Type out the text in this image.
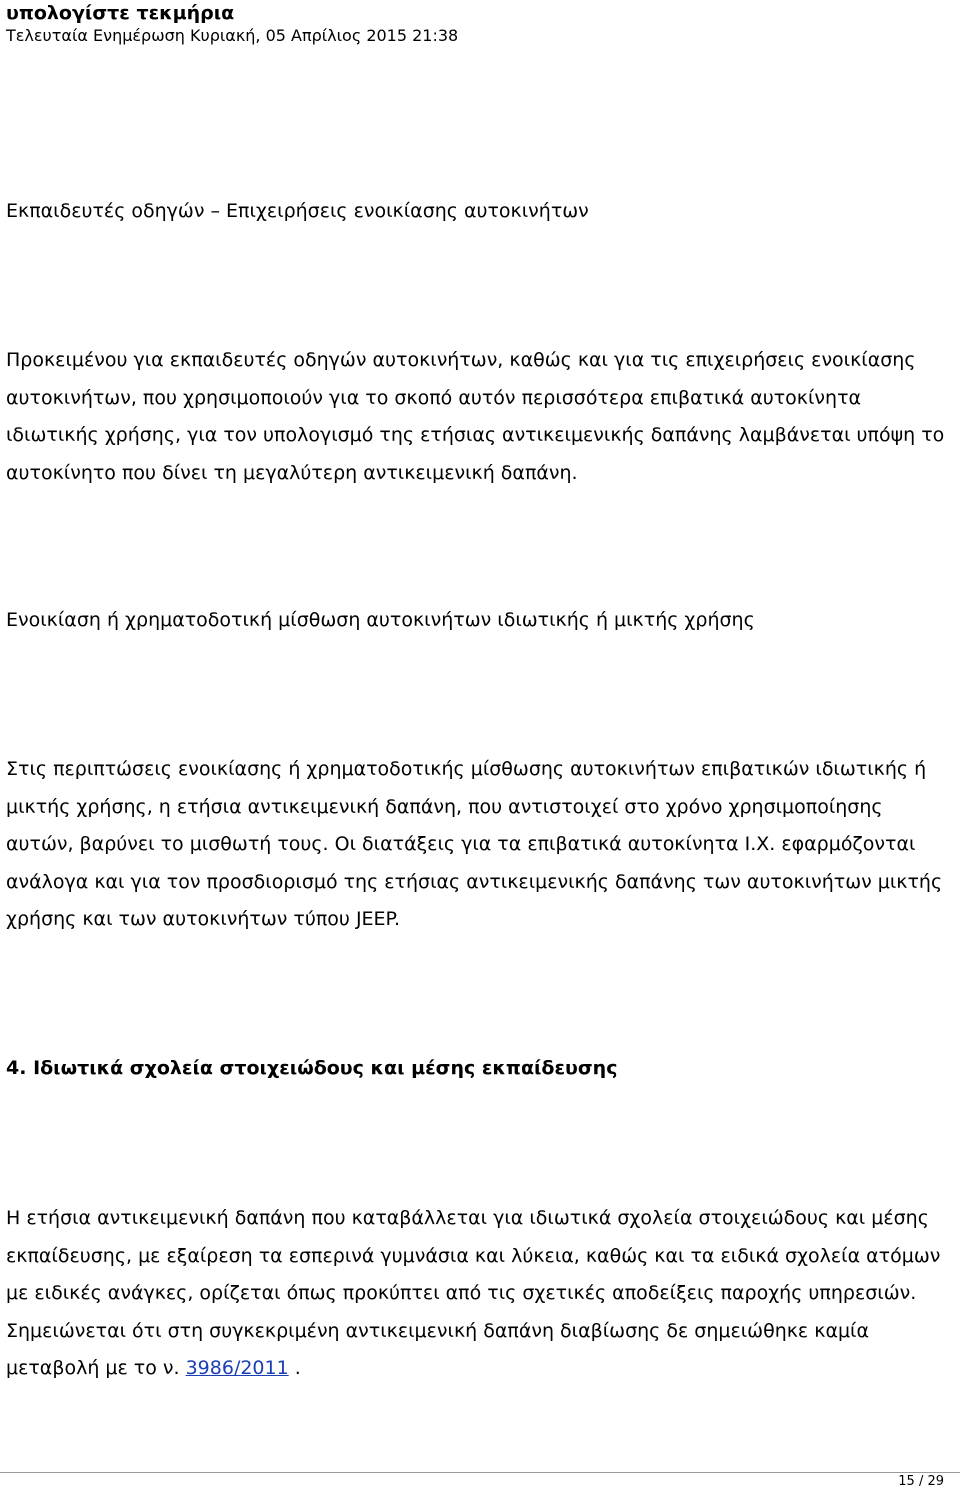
υπολογίστε τεκμήρια
Τελευταία Ενημέρωση Κυριακή, 05 Απρίλιος 2015 21:38

Εκπαιδευτές οδηγών – Επιχειρήσεις ενοικίασης αυτοκινήτων

Προκειμένου για εκπαιδευτές οδηγών αυτοκινήτων, καθώς και για τις επιχειρήσεις ενοικίασης αυτοκινήτων, που χρησιμοποιούν για το σκοπό αυτόν περισσότερα επιβατικά αυτοκίνητα ιδιωτικής χρήσης, για τον υπολογισμό της ετήσιας αντικειμενικής δαπάνης λαμβάνεται υπόψη το αυτοκίνητο που δίνει τη μεγαλύτερη αντικειμενική δαπάνη.

Ενοικίαση ή χρηματοδοτική μίσθωση αυτοκινήτων ιδιωτικής ή μικτής χρήσης

Στις περιπτώσεις ενοικίασης ή χρηματοδοτικής μίσθωσης αυτοκινήτων επιβατικών ιδιωτικής ή μικτής χρήσης, η ετήσια αντικειμενική δαπάνη, που αντιστοιχεί στο χρόνο χρησιμοποίησης αυτών, βαρύνει το μισθωτή τους. Οι διατάξεις για τα επιβατικά αυτοκίνητα Ι.Χ. εφαρμόζονται ανάλογα και για τον προσδιορισμό της ετήσιας αντικειμενικής δαπάνης των αυτοκινήτων μικτής χρήσης και των αυτοκινήτων τύπου JEEP.

4. Ιδιωτικά σχολεία στοιχειώδους και μέσης εκπαίδευσης

Η ετήσια αντικειμενική δαπάνη που καταβάλλεται για ιδιωτικά σχολεία στοιχειώδους και μέσης εκπαίδευσης, με εξαίρεση τα εσπερινά γυμνάσια και λύκεια, καθώς και τα ειδικά σχολεία ατόμων με ειδικές ανάγκες, ορίζεται όπως προκύπτει από τις σχετικές αποδείξεις παροχής υπηρεσιών. Σημειώνεται ότι στη συγκεκριμένη αντικειμενική δαπάνη διαβίωσης δε σημειώθηκε καμία μεταβολή με το ν. 3986/2011 .

15 / 29
